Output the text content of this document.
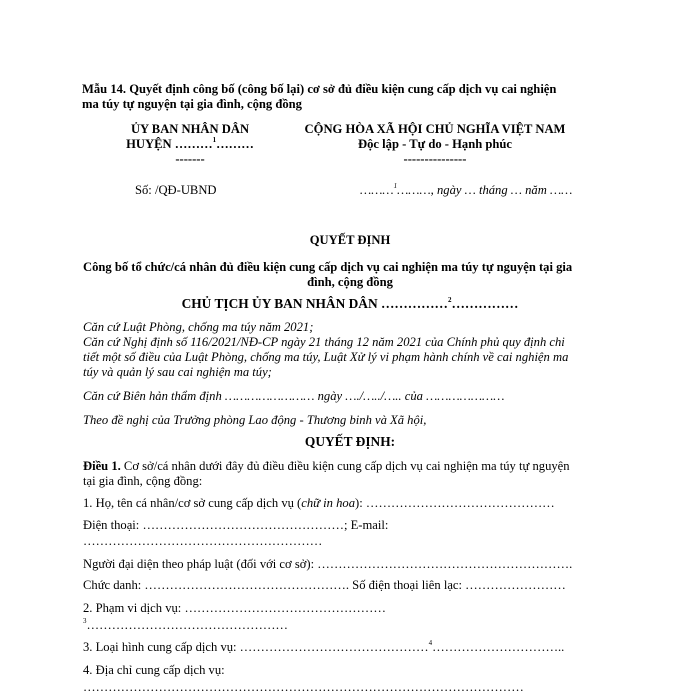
Mẫu 14. Quyết định công bố (công bố lại) cơ sở đủ điều kiện cung cấp dịch vụ cai nghiện
ma túy tự nguyện tại gia đình, cộng đồng
ỦY BAN NHÂN DÂN
HUYỆN ………$^1$………
-------
CỘNG HÒA XÃ HỘI CHỦ NGHĨA VIỆT NAM
Độc lập - Tự do - Hạnh phúc
---------------
Số: /QĐ-UBND	………$^1$………, ngày … tháng … năm ……
QUYẾT ĐỊNH
Công bố tổ chức/cá nhân đủ điều kiện cung cấp dịch vụ cai nghiện ma túy tự nguyện tại gia
đình, cộng đồng
CHỦ TỊCH ỦY BAN NHÂN DÂN ……………$^2$……………
Căn cứ Luật Phòng, chống ma túy năm 2021;
Căn cứ Nghị định số 116/2021/NĐ-CP ngày 21 tháng 12 năm 2021 của Chính phủ quy định chi
tiết một số điều của Luật Phòng, chống ma túy, Luật Xử lý vi phạm hành chính về cai nghiện ma
túy và quản lý sau cai nghiện ma túy;
Căn cứ Biên hản thẩm định …………………… ngày …./…../….. của …………………
Theo đề nghị của Trưởng phòng Lao động - Thương binh và Xã hội,
QUYẾT ĐỊNH:
Điều 1. Cơ sở/cá nhân dưới đây đủ điều điều kiện cung cấp dịch vụ cai nghiện ma túy tự nguyện
tại gia đình, cộng đồng:
1. Họ, tên cá nhân/cơ sở cung cấp dịch vụ (chữ in hoa): ………………………………………
Điện thoại: …………………………………………; E-mail:
…………………………………………………
Người đại diện theo pháp luật (đối với cơ sở): …………………………………………………….
Chức danh: …………………………………………. Số điện thoại liên lạc: ……………………
2. Phạm vi dịch vụ: …………………………………………
$^3$…………………………………………
3. Loại hình cung cấp dịch vụ: ………………………………………$^4$…………………………..
4. Địa chỉ cung cấp dịch vụ:
……………………………………………………………………………………………
